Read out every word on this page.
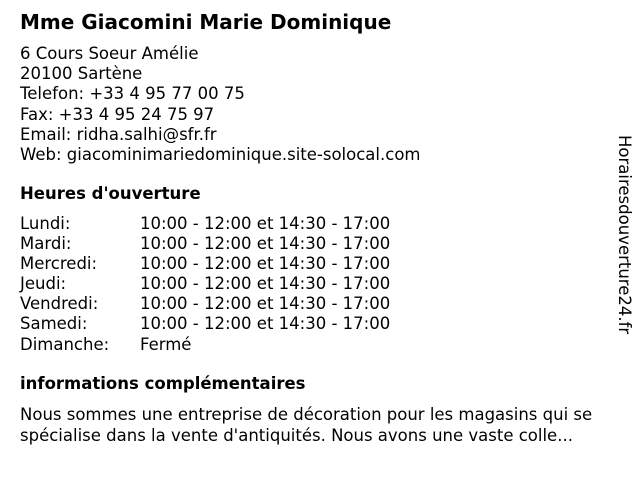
Mme Giacomini Marie Dominique
6 Cours Soeur Amélie
20100 Sartène
Telefon: +33 4 95 77 00 75
Fax: +33 4 95 24 75 97
Email: ridha.salhi@sfr.fr
Web: giacominimariedominique.site-solocal.com
Heures d'ouverture
Lundi:	10:00 - 12:00 et 14:30 - 17:00
Mardi:	10:00 - 12:00 et 14:30 - 17:00
Mercredi:	10:00 - 12:00 et 14:30 - 17:00
Jeudi:	10:00 - 12:00 et 14:30 - 17:00
Vendredi:	10:00 - 12:00 et 14:30 - 17:00
Samedi:	10:00 - 12:00 et 14:30 - 17:00
Dimanche: Fermé
informations complémentaires
Nous sommes une entreprise de décoration pour les magasins qui se
spécialise dans la vente d'antiquités. Nous avons une vaste colle...
Horairesdouverture24.fr
